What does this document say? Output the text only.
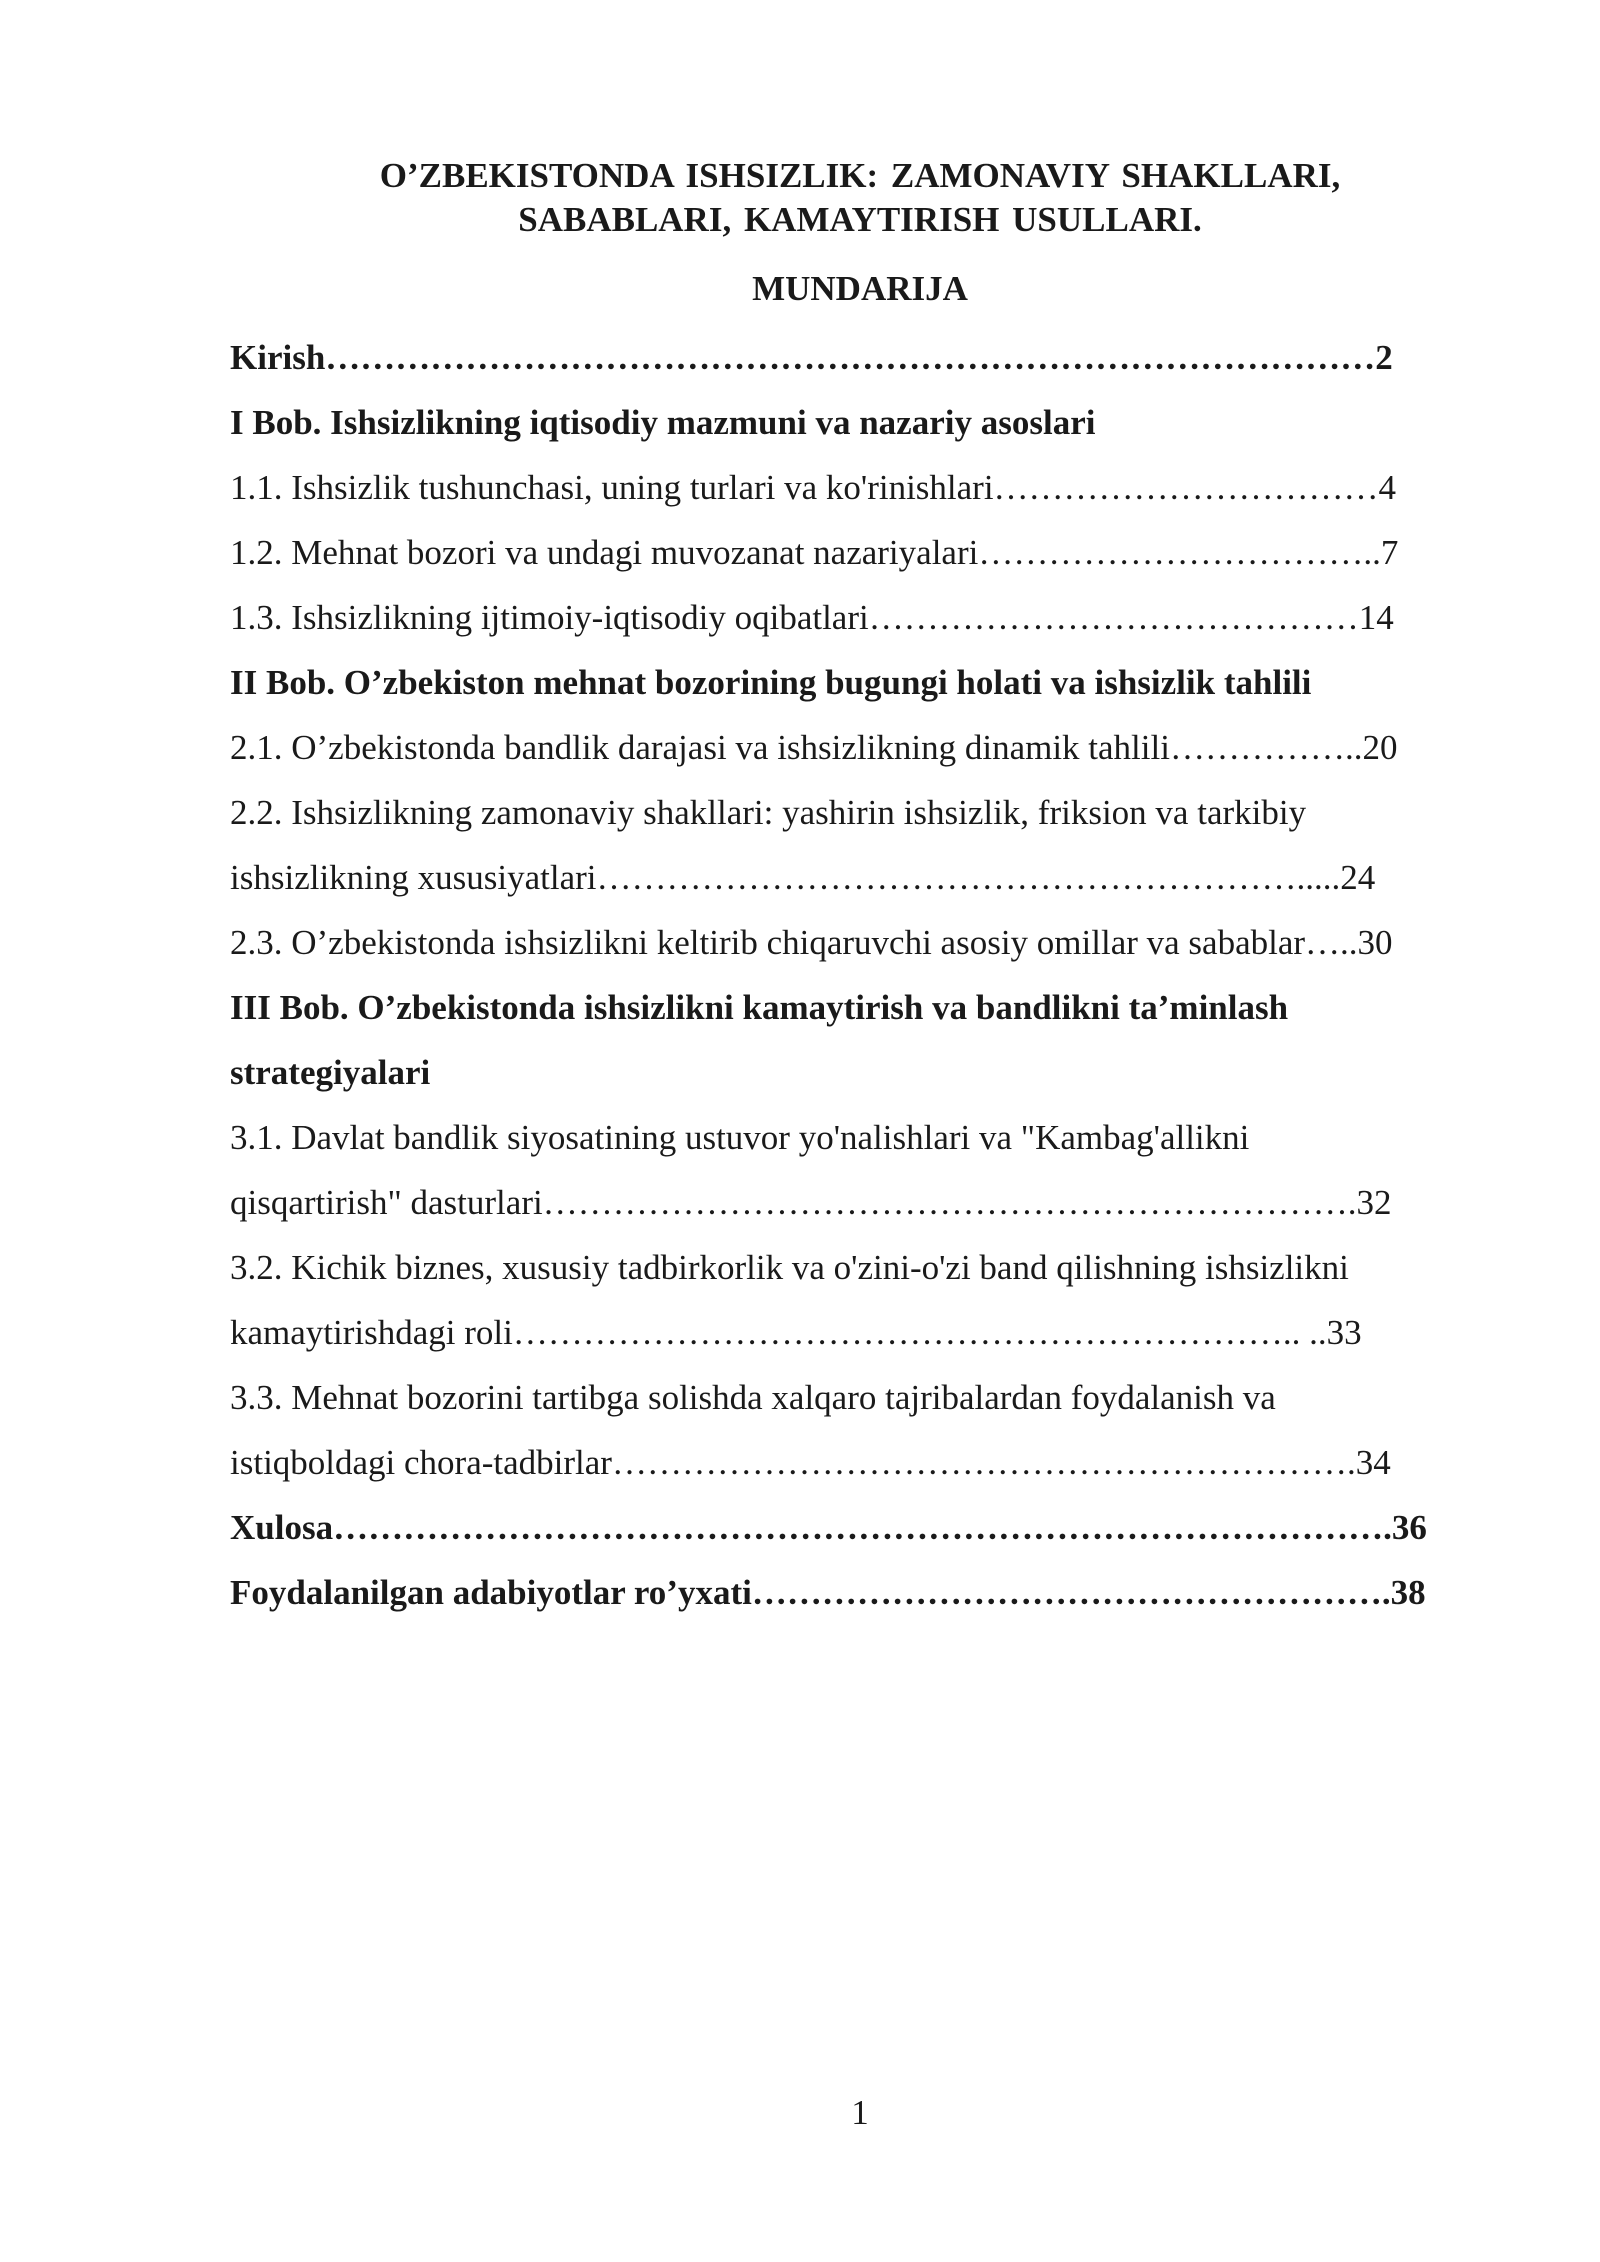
O’ZBEKISTONDA ISHSIZLIK: ZAMONAVIY SHAKLLARI,
SABABLARI, KAMAYTIRISH USULLARI.
MUNDARIJA
Kirish………………………………………………………………………………2
I Bob. Ishsizlikning iqtisodiy mazmuni va nazariy asoslari
1.1. Ishsizlik tushunchasi, uning turlari va ko'rinishlari……………………………4
1.2. Mehnat bozori va undagi muvozanat nazariyalari……………………………..7
1.3. Ishsizlikning ijtimoiy-iqtisodiy oqibatlari……………………………………14
II Bob. O’zbekiston mehnat bozorining bugungi holati va ishsizlik tahlili
2.1. O’zbekistonda bandlik darajasi va ishsizlikning dinamik tahlili……………..20
2.2. Ishsizlikning zamonaviy shakllari: yashirin ishsizlik, friksion va tarkibiy
ishsizlikning xususiyatlari…………………………………………………….....24
2.3. O’zbekistonda ishsizlikni keltirib chiqaruvchi asosiy omillar va sabablar…..30
III Bob. O’zbekistonda ishsizlikni kamaytirish va bandlikni ta’minlash
strategiyalari
3.1. Davlat bandlik siyosatining ustuvor yo'nalishlari va "Kambag'allikni
qisqartirish" dasturlari…………………………………………………………….32
3.2. Kichik biznes, xususiy tadbirkorlik va o'zini-o'zi band qilishning ishsizlikni
kamaytirishdagi roli………………………………………………………….. ..33
3.3. Mehnat bozorini tartibga solishda xalqaro tajribalardan foydalanish va
istiqboldagi chora-tadbirlar……………………………………………………….34
Xulosa……………………………………………………………………………….36
Foydalanilgan adabiyotlar ro’yxati……………………………………………….38
1
